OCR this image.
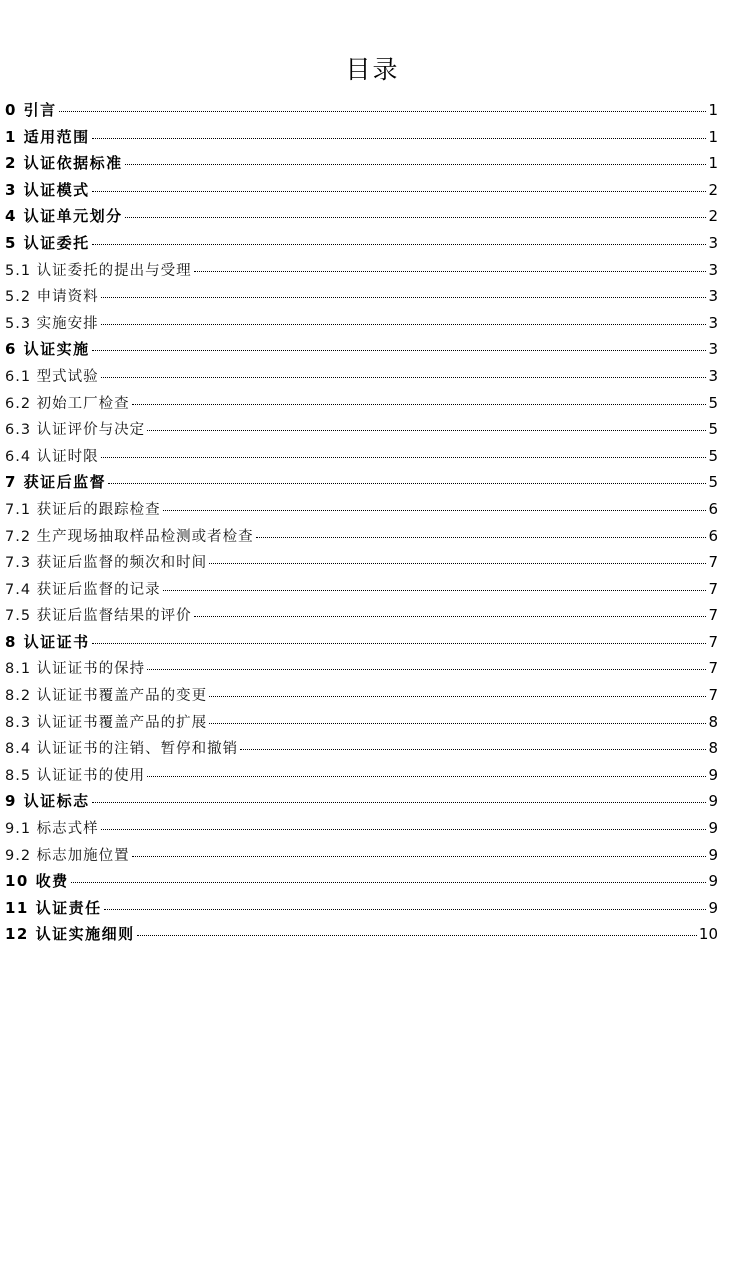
目录
0 引言	1
1 适用范围	1
2 认证依据标准	1
3 认证模式	2
4 认证单元划分	2
5 认证委托	3
5.1 认证委托的提出与受理	3
5.2 申请资料	3
5.3 实施安排	3
6 认证实施	3
6.1 型式试验	3
6.2 初始工厂检查	5
6.3 认证评价与决定	5
6.4 认证时限	5
7 获证后监督	5
7.1 获证后的跟踪检查	6
7.2 生产现场抽取样品检测或者检查	6
7.3 获证后监督的频次和时间	7
7.4 获证后监督的记录	7
7.5 获证后监督结果的评价	7
8 认证证书	7
8.1 认证证书的保持	7
8.2 认证证书覆盖产品的变更	7
8.3 认证证书覆盖产品的扩展	8
8.4 认证证书的注销、暂停和撤销	8
8.5 认证证书的使用	9
9 认证标志	9
9.1 标志式样	9
9.2 标志加施位置	9
10 收费	9
11 认证责任	9
12 认证实施细则	10
